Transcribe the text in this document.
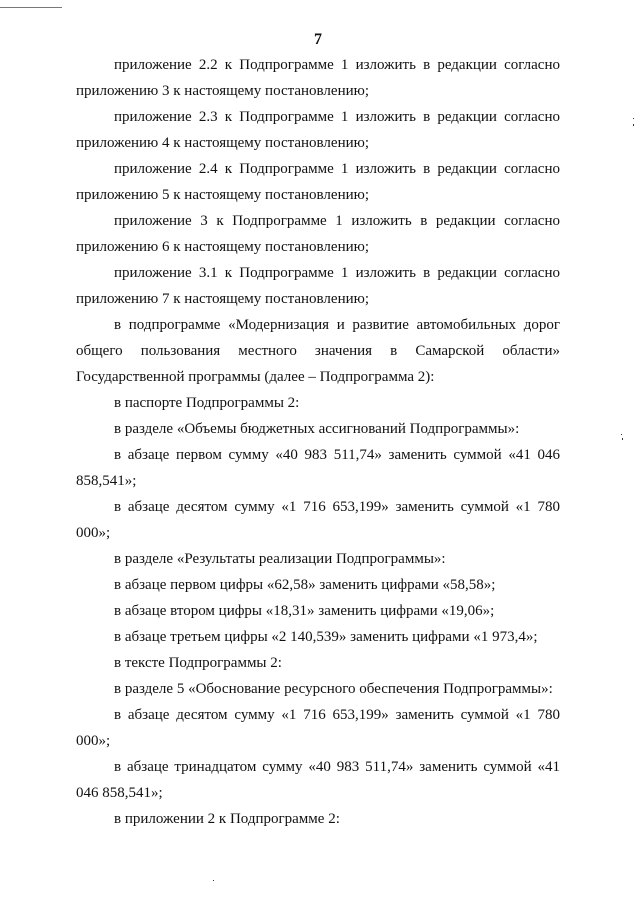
7

приложение 2.2 к Подпрограмме 1 изложить в редакции согласно приложению 3 к настоящему постановлению;

приложение 2.3 к Подпрограмме 1 изложить в редакции согласно приложению 4 к настоящему постановлению;

приложение 2.4 к Подпрограмме 1 изложить в редакции согласно приложению 5 к настоящему постановлению;

приложение 3 к Подпрограмме 1 изложить в редакции согласно приложению 6 к настоящему постановлению;

приложение 3.1 к Подпрограмме 1 изложить в редакции согласно приложению 7 к настоящему постановлению;

в подпрограмме «Модернизация и развитие автомобильных дорог общего пользования местного значения в Самарской области» Государственной программы (далее – Подпрограмма 2):

в паспорте Подпрограммы 2:

в разделе «Объемы бюджетных ассигнований Подпрограммы»:

в абзаце первом сумму «40 983 511,74» заменить суммой «41 046 858,541»;

в абзаце десятом сумму «1 716 653,199» заменить суммой «1 780 000»;

в разделе «Результаты реализации Подпрограммы»:

в абзаце первом цифры «62,58» заменить цифрами «58,58»;

в абзаце втором цифры «18,31» заменить цифрами «19,06»;

в абзаце третьем цифры «2 140,539» заменить цифрами «1 973,4»;

в тексте Подпрограммы 2:

в разделе 5 «Обоснование ресурсного обеспечения Подпрограммы»:

в абзаце десятом сумму «1 716 653,199» заменить суммой «1 780 000»;

в абзаце тринадцатом сумму «40 983 511,74» заменить суммой «41 046 858,541»;

в приложении 2 к Подпрограмме 2:
